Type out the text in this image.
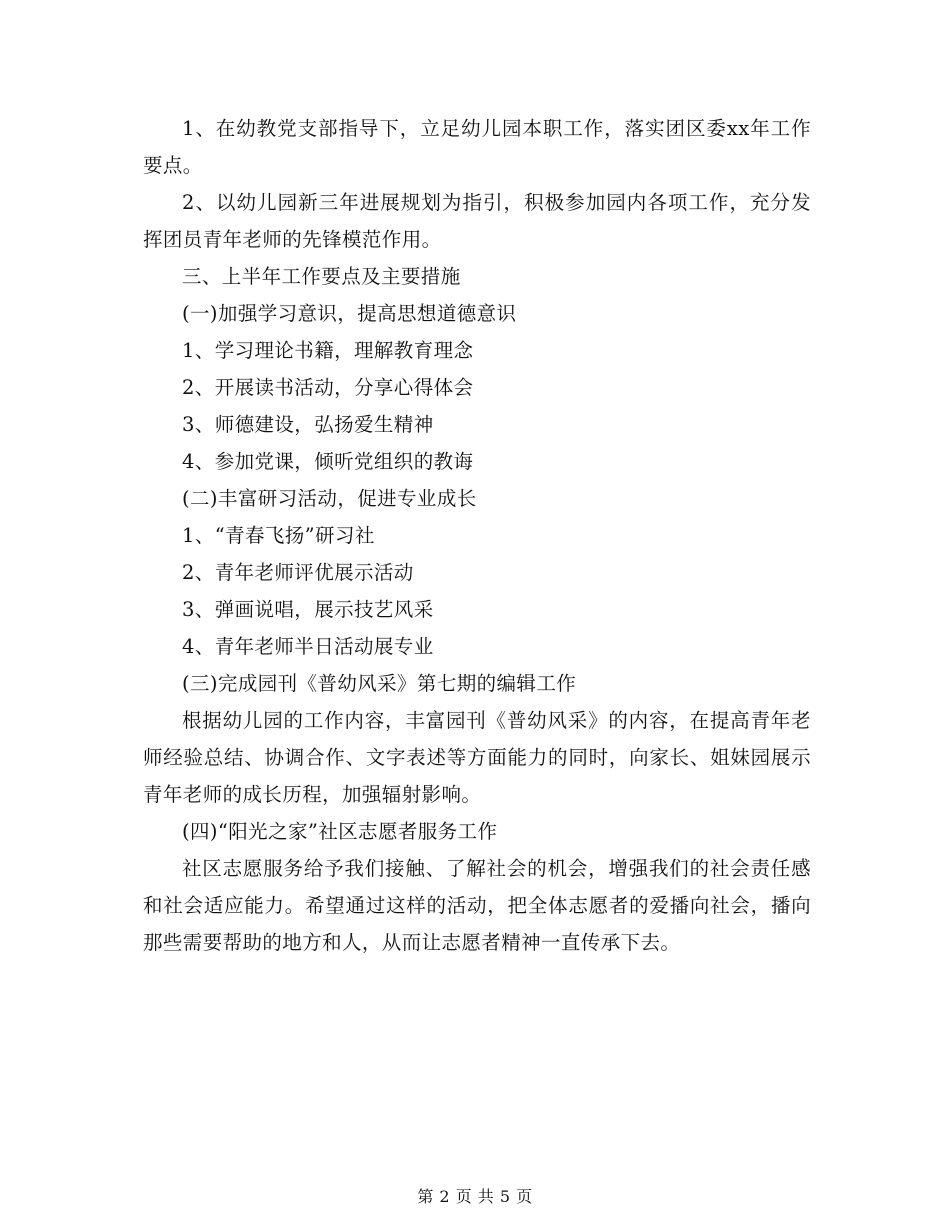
1、在幼教党支部指导下，立足幼儿园本职工作，落实团区委xx年工作要点。

2、以幼儿园新三年进展规划为指引，积极参加园内各项工作，充分发挥团员青年老师的先锋模范作用。

三、上半年工作要点及主要措施

(一)加强学习意识，提高思想道德意识

1、学习理论书籍，理解教育理念

2、开展读书活动，分享心得体会

3、师德建设，弘扬爱生精神

4、参加党课，倾听党组织的教诲

(二)丰富研习活动，促进专业成长

1、“青春飞扬”研习社

2、青年老师评优展示活动

3、弹画说唱，展示技艺风采

4、青年老师半日活动展专业

(三)完成园刊《普幼风采》第七期的编辑工作

根据幼儿园的工作内容，丰富园刊《普幼风采》的内容，在提高青年老师经验总结、协调合作、文字表述等方面能力的同时，向家长、姐妹园展示青年老师的成长历程，加强辐射影响。

(四)“阳光之家”社区志愿者服务工作

社区志愿服务给予我们接触、了解社会的机会，增强我们的社会责任感和社会适应能力。希望通过这样的活动，把全体志愿者的爱播向社会，播向那些需要帮助的地方和人，从而让志愿者精神一直传承下去。

第 2 页 共 5 页
